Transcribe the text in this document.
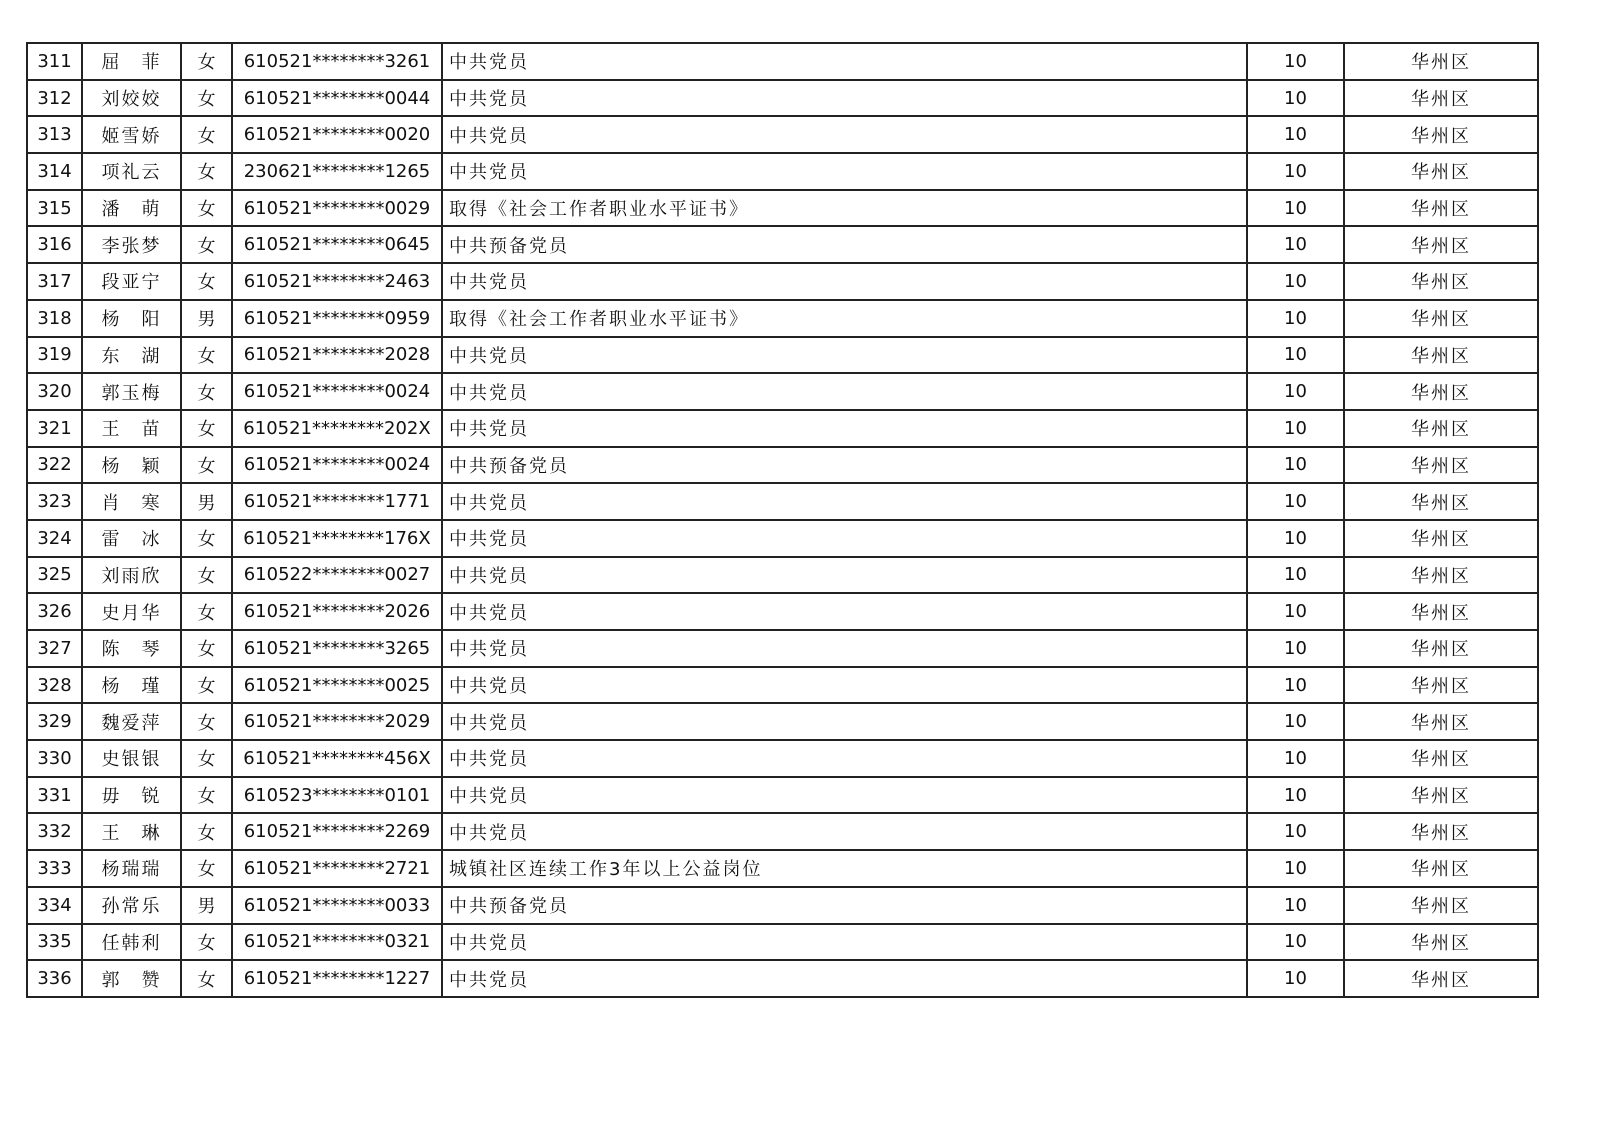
311	屈　菲	女	610521********3261	中共党员	10	华州区
312	刘姣姣	女	610521********0044	中共党员	10	华州区
313	姬雪娇	女	610521********0020	中共党员	10	华州区
314	项礼云	女	230621********1265	中共党员	10	华州区
315	潘　萌	女	610521********0029	取得《社会工作者职业水平证书》	10	华州区
316	李张梦	女	610521********0645	中共预备党员	10	华州区
317	段亚宁	女	610521********2463	中共党员	10	华州区
318	杨　阳	男	610521********0959	取得《社会工作者职业水平证书》	10	华州区
319	东　湖	女	610521********2028	中共党员	10	华州区
320	郭玉梅	女	610521********0024	中共党员	10	华州区
321	王　苗	女	610521********202X	中共党员	10	华州区
322	杨　颖	女	610521********0024	中共预备党员	10	华州区
323	肖　寒	男	610521********1771	中共党员	10	华州区
324	雷　冰	女	610521********176X	中共党员	10	华州区
325	刘雨欣	女	610522********0027	中共党员	10	华州区
326	史月华	女	610521********2026	中共党员	10	华州区
327	陈　琴	女	610521********3265	中共党员	10	华州区
328	杨　瑾	女	610521********0025	中共党员	10	华州区
329	魏爱萍	女	610521********2029	中共党员	10	华州区
330	史银银	女	610521********456X	中共党员	10	华州区
331	毋　锐	女	610523********0101	中共党员	10	华州区
332	王　琳	女	610521********2269	中共党员	10	华州区
333	杨瑞瑞	女	610521********2721	城镇社区连续工作3年以上公益岗位	10	华州区
334	孙常乐	男	610521********0033	中共预备党员	10	华州区
335	任韩利	女	610521********0321	中共党员	10	华州区
336	郭　赞	女	610521********1227	中共党员	10	华州区
